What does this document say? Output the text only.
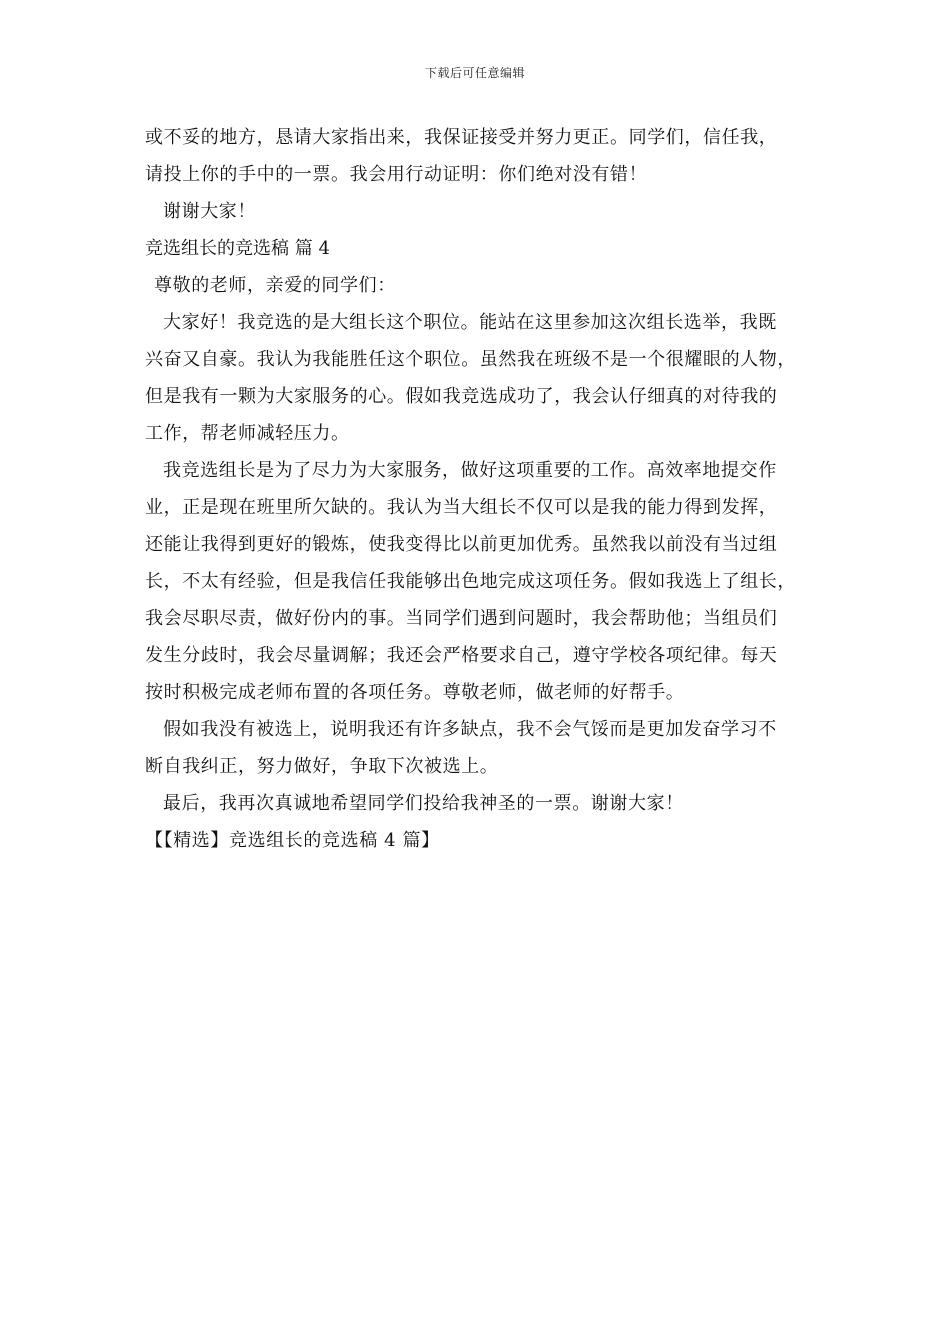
下载后可任意编辑
或不妥的地方，恳请大家指出来，我保证接受并努力更正。同学们，信任我，
请投上你的手中的一票。我会用行动证明：你们绝对没有错！
谢谢大家！
竞选组长的竞选稿 篇 4
尊敬的老师，亲爱的同学们：
大家好！我竞选的是大组长这个职位。能站在这里参加这次组长选举，我既
兴奋又自豪。我认为我能胜任这个职位。虽然我在班级不是一个很耀眼的人物，
但是我有一颗为大家服务的心。假如我竞选成功了，我会认仔细真的对待我的
工作，帮老师减轻压力。
我竞选组长是为了尽力为大家服务，做好这项重要的工作。高效率地提交作
业，正是现在班里所欠缺的。我认为当大组长不仅可以是我的能力得到发挥，
还能让我得到更好的锻炼，使我变得比以前更加优秀。虽然我以前没有当过组
长，不太有经验，但是我信任我能够出色地完成这项任务。假如我选上了组长，
我会尽职尽责，做好份内的事。当同学们遇到问题时，我会帮助他；当组员们
发生分歧时，我会尽量调解；我还会严格要求自己，遵守学校各项纪律。每天
按时积极完成老师布置的各项任务。尊敬老师，做老师的好帮手。
假如我没有被选上，说明我还有许多缺点，我不会气馁而是更加发奋学习不
断自我纠正，努力做好，争取下次被选上。
最后，我再次真诚地希望同学们投给我神圣的一票。谢谢大家！
【【精选】竞选组长的竞选稿 4 篇】
